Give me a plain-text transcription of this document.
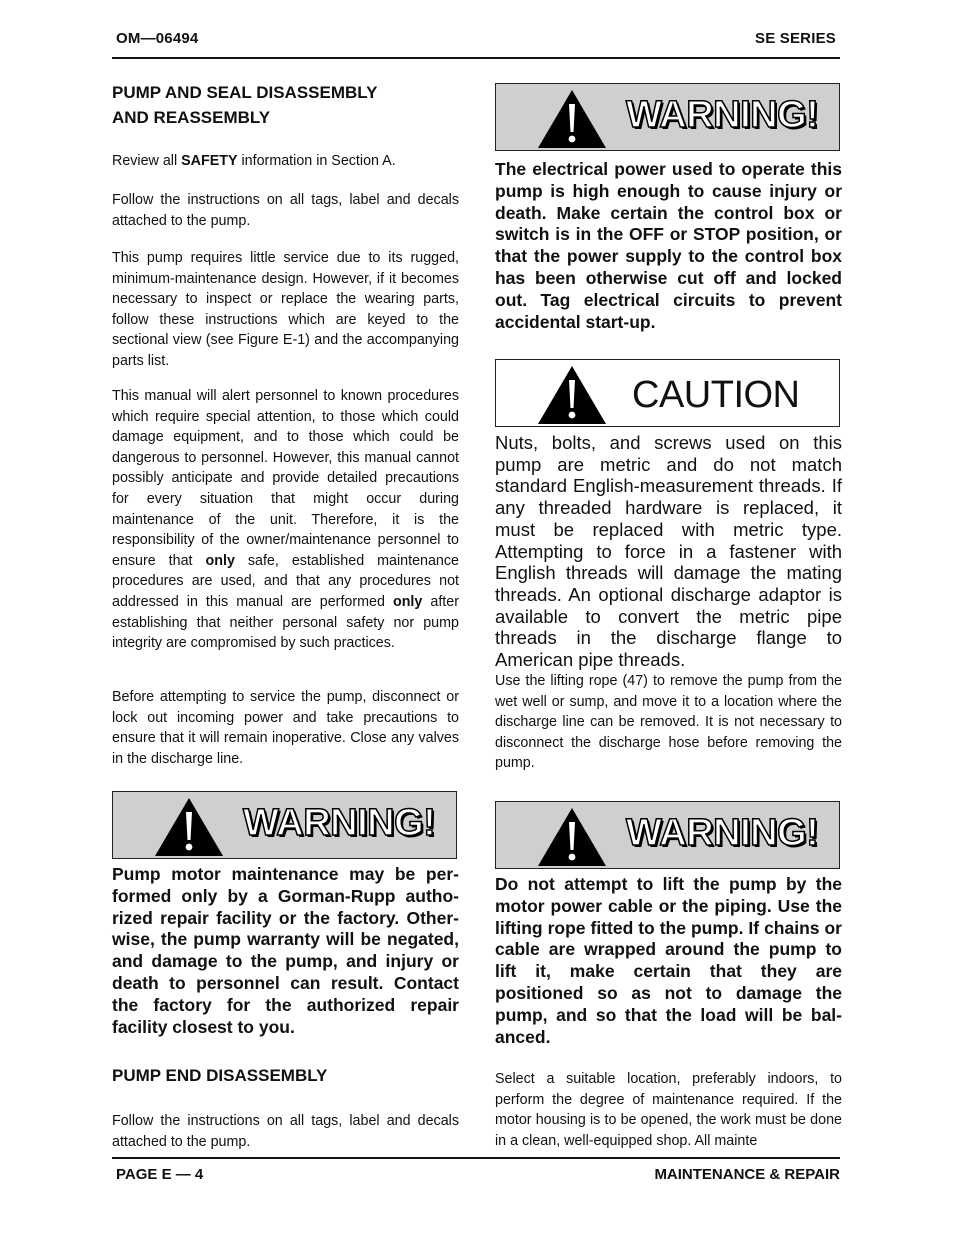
OM—06494	SE SERIES
PUMP AND SEAL DISASSEMBLY
AND REASSEMBLY

Review all SAFETY information in Section A.

Follow the instructions on all tags, label and decals attached to the pump.

This pump requires little service due to its rugged, minimum‑maintenance design. However, if it becomes necessary to inspect or replace the wearing parts, follow these instructions which are keyed to the sectional view (see Figure E‑1) and the accompanying parts list.

This manual will alert personnel to known procedures which require special attention, to those which could damage equipment, and to those which could be dangerous to personnel. However, this manual cannot possibly anticipate and provide detailed precautions for every situation that might occur during maintenance of the unit. Therefore, it is the responsibility of the owner/maintenance personnel to ensure that only safe, established maintenance procedures are used, and that any procedures not addressed in this manual are performed only after establishing that neither personal safety nor pump integrity are compromised by such practices.

Before attempting to service the pump, disconnect or lock out incoming power and take precautions to ensure that it will remain inoperative. Close any valves in the discharge line.

WARNING!

Pump motor maintenance may be performed only by a Gorman‑Rupp authorized repair facility or the factory. Otherwise, the pump warranty will be negated, and damage to the pump, and injury or death to personnel can result. Contact the factory for the authorized repair facility closest to you.

PUMP END DISASSEMBLY

Follow the instructions on all tags, label and decals attached to the pump.

WARNING!

The electrical power used to operate this pump is high enough to cause injury or death. Make certain the control box or switch is in the OFF or STOP position, or that the power supply to the control box has been otherwise cut off and locked out. Tag electrical circuits to prevent accidental start‑up.

CAUTION

Nuts, bolts, and screws used on this pump are metric and do not match standard English‑measurement threads. If any threaded hardware is replaced, it must be replaced with metric type. Attempting to force in a fastener with English threads will damage the mating threads. An optional discharge adaptor is available to convert the metric pipe threads in the discharge flange to American pipe threads.

Use the lifting rope (47) to remove the pump from the wet well or sump, and move it to a location where the discharge line can be removed. It is not necessary to disconnect the discharge hose before removing the pump.

WARNING!

Do not attempt to lift the pump by the motor power cable or the piping. Use the lifting rope fitted to the pump. If chains or cable are wrapped around the pump to lift it, make certain that they are positioned so as not to damage the pump, and so that the load will be balanced.

Select a suitable location, preferably indoors, to perform the degree of maintenance required. If the motor housing is to be opened, the work must be done in a clean, well‑equipped shop. All mainte

PAGE E — 4	MAINTENANCE & REPAIR
